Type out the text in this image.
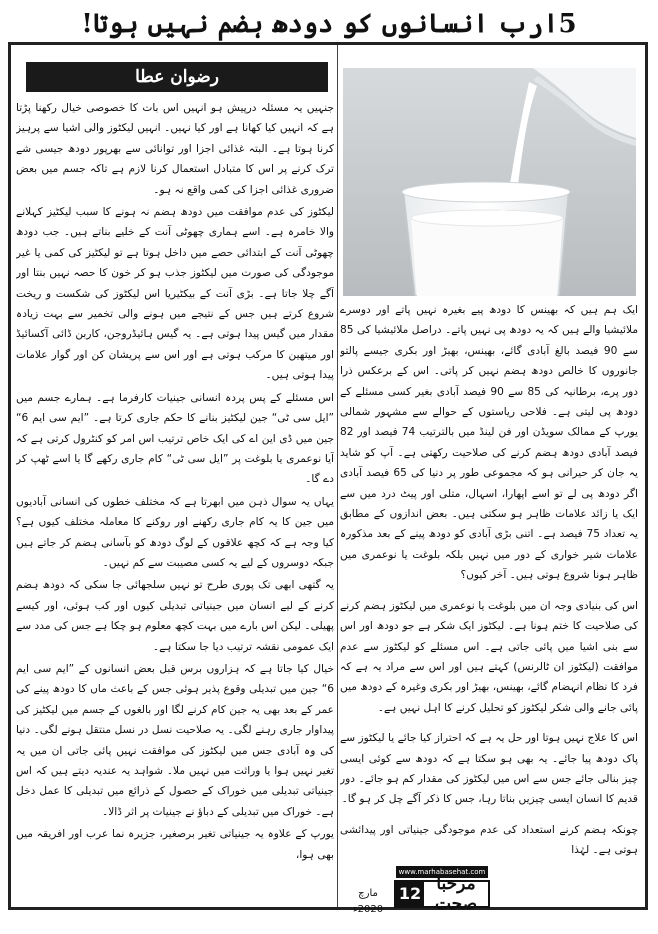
5ارب انسانوں کو دودھ ہضم نہیں ہوتا!
رضوان عطا

جنہیں یہ مسئلہ درپیش ہو انہیں اس بات کا خصوصی خیال رکھنا پڑتا ہے کہ انہیں کیا کھانا ہے اور کیا نہیں۔ انہیں لیکٹوز والی اشیا سے پرہیز کرنا ہوتا ہے۔ البتہ غذائی اجزا اور توانائی سے بھرپور دودھ جیسی شے ترک کرنے پر اس کا متبادل استعمال کرنا لازم ہے تاکہ جسم میں بعض ضروری غذائی اجزا کی کمی واقع نہ ہو۔

لیکٹوز کی عدم موافقت میں دودھ ہضم نہ ہونے کا سبب لیکٹیز کہلانے والا خامرہ ہے۔ اسے ہماری چھوٹی آنت کے خلیے بناتے ہیں۔ جب دودھ چھوٹی آنت کے ابتدائی حصے میں داخل ہوتا ہے تو لیکٹیز کی کمی یا غیر موجودگی کی صورت میں لیکٹوز جذب ہو کر خون کا حصہ نہیں بنتا اور آگے چلا جاتا ہے۔ بڑی آنت کے بیکٹیریا اس لیکٹوز کی شکست و ریخت شروع کرتے ہیں جس کے نتیجے میں ہونے والی تخمیر سے بہت زیادہ مقدار میں گیس پیدا ہوتی ہے۔ یہ گیس ہائیڈروجن، کاربن ڈائی آکسائیڈ اور میتھین کا مرکب ہوتی ہے اور اس سے پریشان کن اور گوار علامات پیدا ہوتی ہیں۔

اس مسئلے کے پس پردہ انسانی جینیات کارفرما ہے۔ ہمارے جسم میں ”ایل سی ٹی“ جین لیکٹیز بنانے کا حکم جاری کرتا ہے۔ ”ایم سی ایم 6“ جین میں ڈی این اے کی ایک خاص ترتیب اس امر کو کنٹرول کرتی ہے کہ آیا نوعمری یا بلوغت پر ”ایل سی ٹی“ کام جاری رکھے گا یا اسے ٹھپ کر دے گا۔

یہاں یہ سوال ذہن میں ابھرتا ہے کہ مختلف خطوں کی انسانی آبادیوں میں جین کا یہ کام جاری رکھنے اور روکنے کا معاملہ مختلف کیوں ہے؟ کیا وجہ ہے کہ کچھ علاقوں کے لوگ دودھ کو بآسانی ہضم کر جاتے ہیں جبکہ دوسروں کے لیے یہ کسی مصیبت سے کم نہیں۔

یہ گتھی ابھی تک پوری طرح تو نہیں سلجھائی جا سکی کہ دودھ ہضم کرنے کے لیے انسان میں جینیاتی تبدیلی کیوں اور کب ہوئی، اور کیسے پھیلی۔ لیکن اس بارے میں بہت کچھ معلوم ہو چکا ہے جس کی مدد سے ایک عمومی نقشہ ترتیب دیا جا سکتا ہے۔

خیال کیا جاتا ہے کہ ہزاروں برس قبل بعض انسانوں کے ”ایم سی ایم 6“ جین میں تبدیلی وقوع پذیر ہوئی جس کے باعث ماں کا دودھ پینے کی عمر کے بعد بھی یہ جین کام کرنے لگا اور بالغوں کے جسم میں لیکٹیز کی پیداوار جاری رہنے لگی۔ یہ صلاحیت نسل در نسل منتقل ہونے لگی۔ دنیا کی وہ آبادی جس میں لیکٹوز کی موافقت نہیں پائی جاتی ان میں یہ تغیر نہیں ہوا یا وراثت میں نہیں ملا۔ شواہد یہ عندیہ دیتے ہیں کہ اس جینیاتی تبدیلی میں خوراک کے حصول کے ذرائع میں تبدیلی کا عمل دخل ہے۔ خوراک میں تبدیلی کے دباؤ نے جینیات پر اثر ڈالا۔

یورپ کے علاوہ یہ جینیاتی تغیر برصغیر، جزیرہ نما عرب اور افریقہ میں بھی ہوا،

ایک ہم ہیں کہ بھینس کا دودھ پیے بغیرہ نہیں پاتے اور دوسرے ملائیشیا والے ہیں کہ یہ دودھ پی نہیں پاتے۔ دراصل ملائیشیا کی 85 سے 90 فیصد بالغ آبادی گائے، بھینس، بھیڑ اور بکری جیسے پالتو جانوروں کا خالص دودھ ہضم نہیں کر پاتی۔ اس کے برعکس ذرا دور پرے، برطانیہ کی 85 سے 90 فیصد آبادی بغیر کسی مسئلے کے دودھ پی لیتی ہے۔ فلاحی ریاستوں کے حوالے سے مشہور شمالی یورپ کے ممالک سویڈن اور فن لینڈ میں بالترتیب 74 فیصد اور 82 فیصد آبادی دودھ ہضم کرنے کی صلاحیت رکھتی ہے۔ آپ کو شاید یہ جان کر حیرانی ہو کہ مجموعی طور پر دنیا کی 65 فیصد آبادی اگر دودھ پی لے تو اسے اپھارا، اسہال، متلی اور پیٹ درد میں سے ایک یا زائد علامات ظاہر ہو سکتی ہیں۔ بعض اندازوں کے مطابق یہ تعداد 75 فیصد ہے۔ اتنی بڑی آبادی کو دودھ پینے کے بعد مذکورہ علامات شیر خواری کے دور میں نہیں بلکہ بلوغت یا نوعمری میں ظاہر ہونا شروع ہوتی ہیں۔ آخر کیوں؟

اس کی بنیادی وجہ ان میں بلوغت یا نوعمری میں لیکٹوز ہضم کرنے کی صلاحیت کا ختم ہونا ہے۔ لیکٹوز ایک شکر ہے جو دودھ اور اس سے بنی اشیا میں پائی جاتی ہے۔ اس مسئلے کو لیکٹوز سے عدم موافقت (لیکٹوز ان ٹالرنس) کہتے ہیں اور اس سے مراد یہ ہے کہ فرد کا نظام انہضام گائے، بھینس، بھیڑ اور بکری وغیرہ کے دودھ میں پائی جانے والی شکر لیکٹوز کو تحلیل کرنے کا اہل نہیں ہے۔

اس کا علاج نہیں ہوتا اور حل یہ ہے کہ احتراز کیا جائے یا لیکٹوز سے پاک دودھ پیا جائے۔ یہ بھی ہو سکتا ہے کہ دودھ سے کوئی ایسی چیز بنالی جائے جس سے اس میں لیکٹوز کی مقدار کم ہو جائے۔ دور قدیم کا انسان ایسی چیزیں بناتا رہا، جس کا ذکر آگے چل کر ہو گا۔

چونکہ ہضم کرنے استعداد کی عدم موجودگی جینیاتی اور پیدائشی ہوتی ہے۔ لہٰذا

www.marhabasehat.com
مارچ 2020ء
12 مرحبا صحت
